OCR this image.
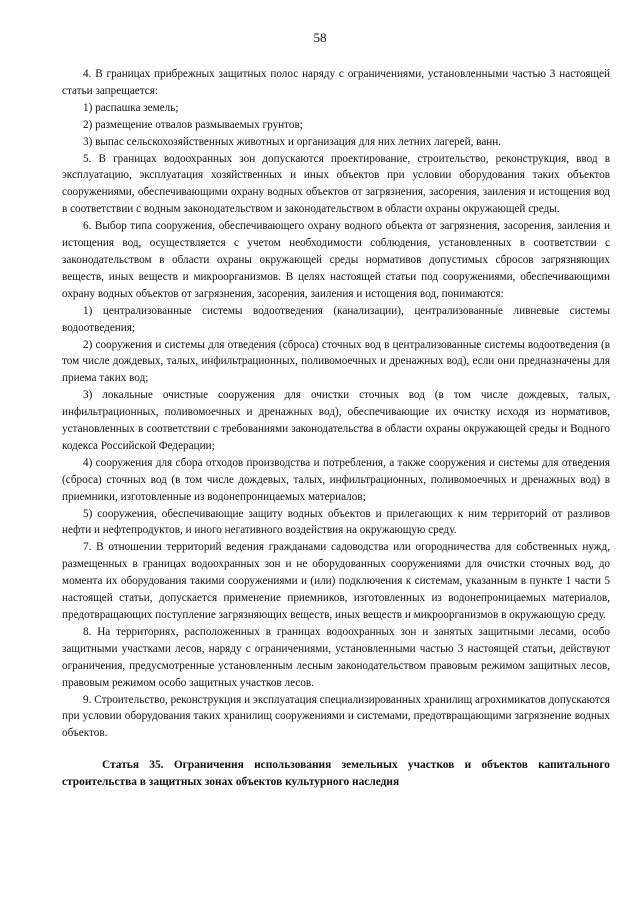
58

4. В границах прибрежных защитных полос наряду с ограничениями, установленными частью 3 настоящей статьи запрещается:

1) распашка земель;

2) размещение отвалов размываемых грунтов;

3) выпас сельскохозяйственных животных и организация для них летних лагерей, ванн.

5. В границах водоохранных зон допускаются проектирование, строительство, реконструкция, ввод в эксплуатацию, эксплуатация хозяйственных и иных объектов при условии оборудования таких объектов сооружениями, обеспечивающими охрану водных объектов от загрязнения, засорения, заиления и истощения вод в соответствии с водным законодательством и законодательством в области охраны окружающей среды.

6. Выбор типа сооружения, обеспечивающего охрану водного объекта от загрязнения, засорения, заиления и истощения вод, осуществляется с учетом необходимости соблюдения, установленных в соответствии с законодательством в области охраны окружающей среды нормативов допустимых сбросов загрязняющих веществ, иных веществ и микроорганизмов. В целях настоящей статьи под сооружениями, обеспечивающими охрану водных объектов от загрязнения, засорения, заиления и истощения вод, понимаются:

1) централизованные системы водоотведения (канализации), централизованные ливневые системы водоотведения;

2) сооружения и системы для отведения (сброса) сточных вод в централизованные системы водоотведения (в том числе дождевых, талых, инфильтрационных, поливомоечных и дренажных вод), если они предназначены для приема таких вод;

3) локальные очистные сооружения для очистки сточных вод (в том числе дождевых, талых, инфильтрационных, поливомоечных и дренажных вод), обеспечивающие их очистку исходя из нормативов, установленных в соответствии с требованиями законодательства в области охраны окружающей среды и Водного кодекса Российской Федерации;

4) сооружения для сбора отходов производства и потребления, а также сооружения и системы для отведения (сброса) сточных вод (в том числе дождевых, талых, инфильтрационных, поливомоечных и дренажных вод) в приемники, изготовленные из водонепроницаемых материалов;

5) сооружения, обеспечивающие защиту водных объектов и прилегающих к ним территорий от разливов нефти и нефтепродуктов, и иного негативного воздействия на окружающую среду.

7. В отношении территорий ведения гражданами садоводства или огородничества для собственных нужд, размещенных в границах водоохранных зон и не оборудованных сооружениями для очистки сточных вод, до момента их оборудования такими сооружениями и (или) подключения к системам, указанным в пункте 1 части 5 настоящей статьи, допускается применение приемников, изготовленных из водонепроницаемых материалов, предотвращающих поступление загрязняющих веществ, иных веществ и микроорганизмов в окружающую среду.

8. На территориях, расположенных в границах водоохранных зон и занятых защитными лесами, особо защитными участками лесов, наряду с ограничениями, установленными частью 3 настоящей статьи, действуют ограничения, предусмотренные установленным лесным законодательством правовым режимом защитных лесов, правовым режимом особо защитных участков лесов.

9. Строительство, реконструкция и эксплуатация специализированных хранилищ агрохимикатов допускаются при условии оборудования таких хранилищ сооружениями и системами, предотвращающими загрязнение водных объектов.

Статья 35. Ограничения использования земельных участков и объектов капитального строительства в защитных зонах объектов культурного наследия
